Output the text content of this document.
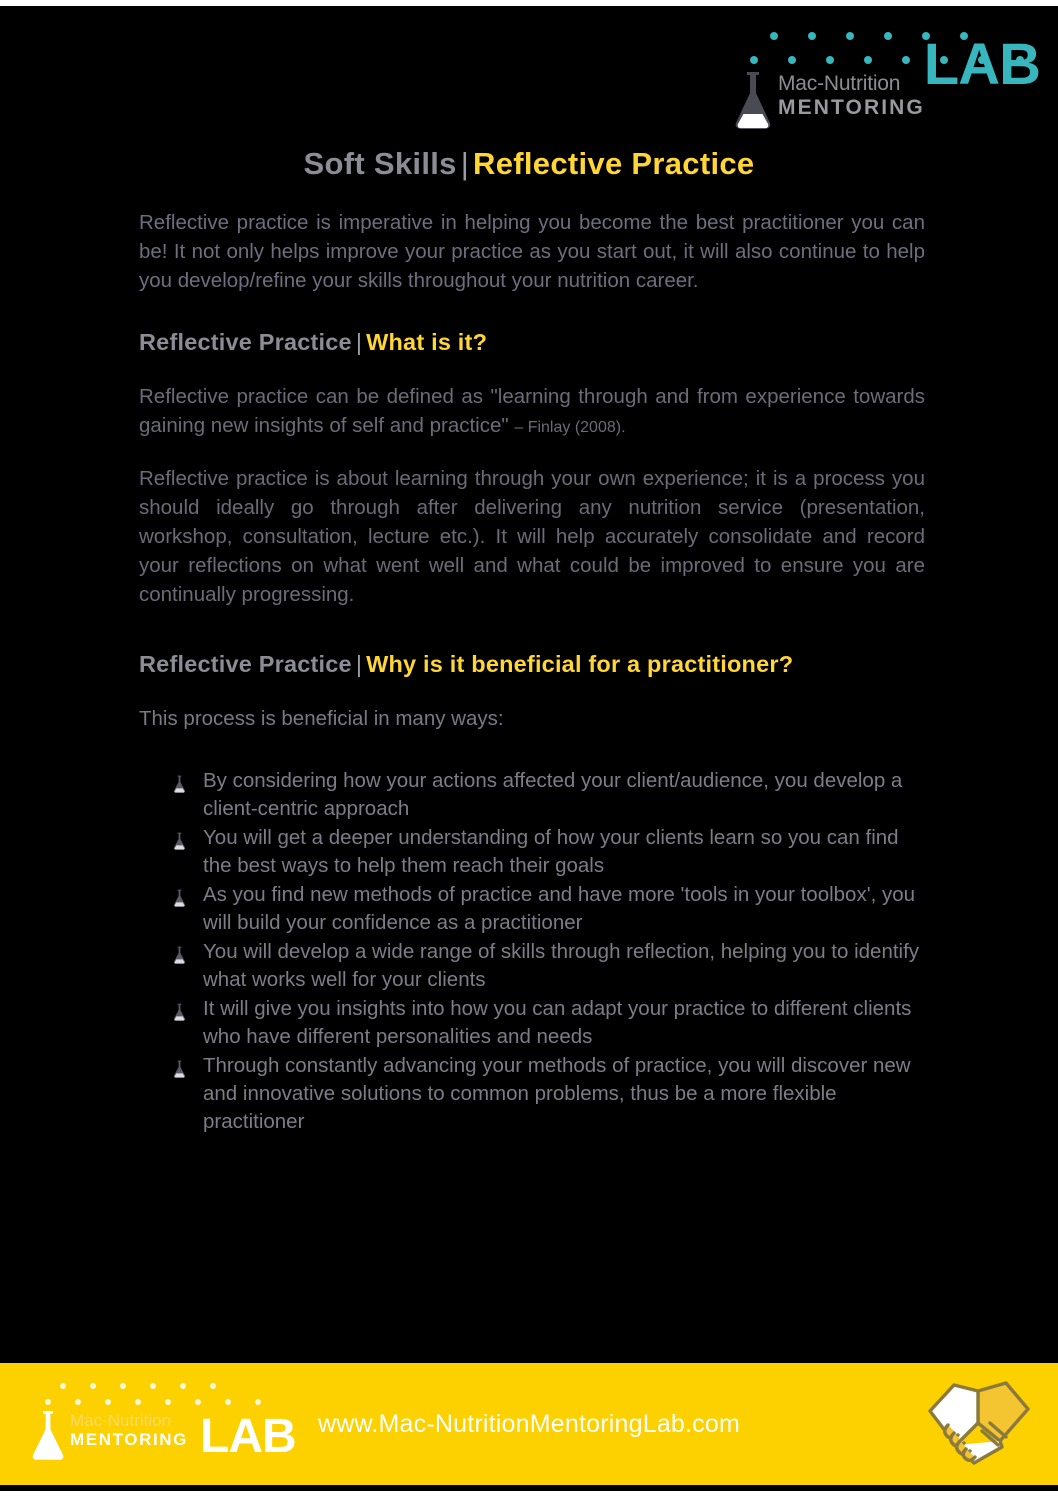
Mac-Nutrition
MENTORING
LAB
Soft Skills | Reflective Practice

Reflective practice is imperative in helping you become the best practitioner you can be! It not only helps improve your practice as you start out, it will also continue to help you develop/refine your skills throughout your nutrition career.

Reflective Practice | What is it?

Reflective practice can be defined as "learning through and from experience towards gaining new insights of self and practice" – Finlay (2008).

Reflective practice is about learning through your own experience; it is a process you should ideally go through after delivering any nutrition service (presentation, workshop, consultation, lecture etc.). It will help accurately consolidate and record your reflections on what went well and what could be improved to ensure you are continually progressing.

Reflective Practice | Why is it beneficial for a practitioner?

This process is beneficial in many ways:

By considering how your actions affected your client/audience, you develop a client-centric approach
You will get a deeper understanding of how your clients learn so you can find the best ways to help them reach their goals
As you find new methods of practice and have more 'tools in your toolbox', you will build your confidence as a practitioner
You will develop a wide range of skills through reflection, helping you to identify what works well for your clients
It will give you insights into how you can adapt your practice to different clients who have different personalities and needs
Through constantly advancing your methods of practice, you will discover new and innovative solutions to common problems, thus be a more flexible practitioner
Mac-Nutrition
MENTORING LAB www.Mac-NutritionMentoringLab.com
